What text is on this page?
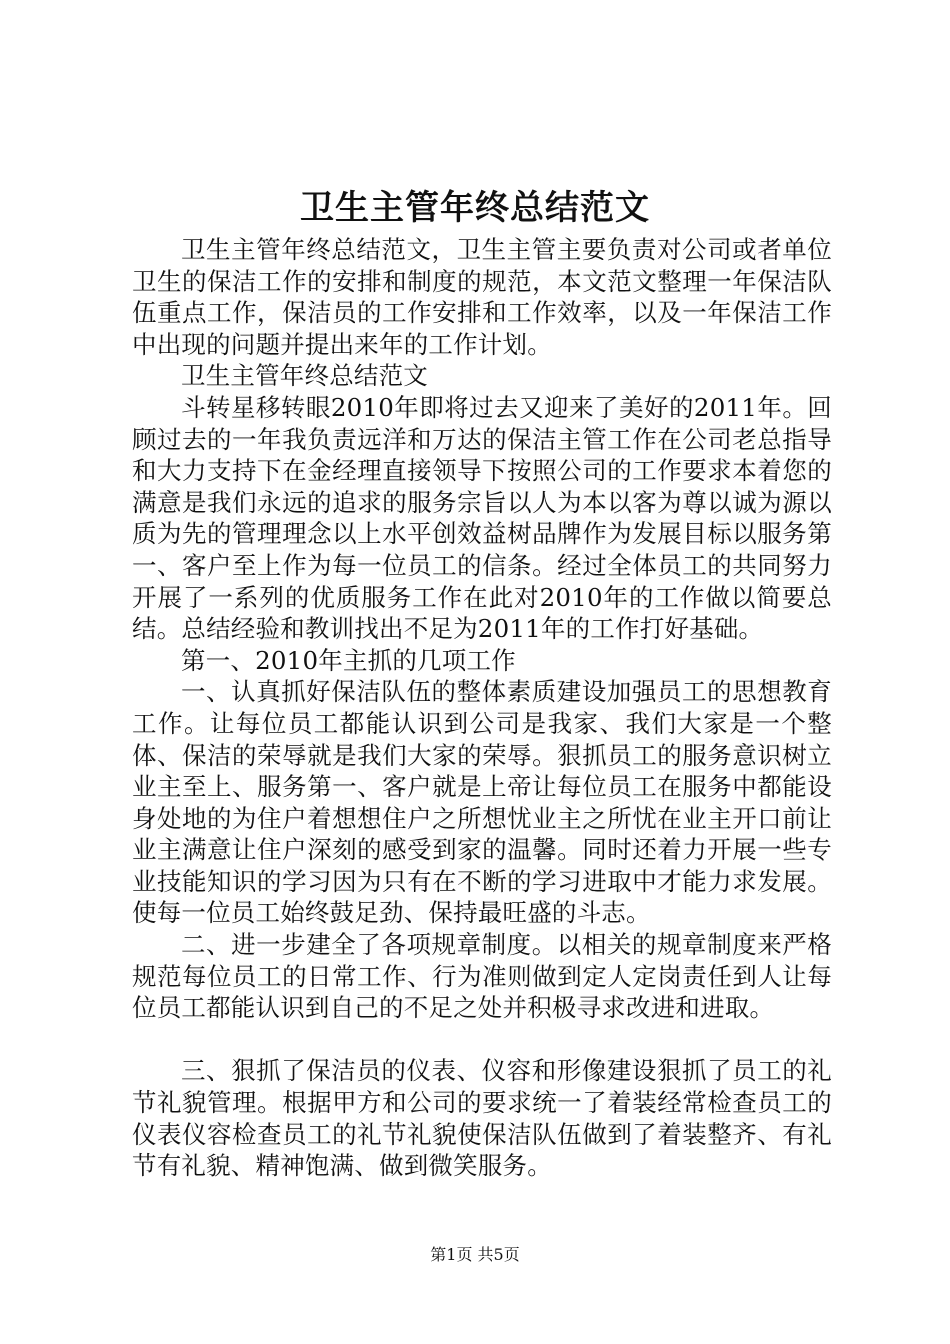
卫生主管年终总结范文

卫生主管年终总结范文，卫生主管主要负责对公司或者单位卫生的保洁工作的安排和制度的规范，本文范文整理一年保洁队伍重点工作，保洁员的工作安排和工作效率，以及一年保洁工作中出现的问题并提出来年的工作计划。

卫生主管年终总结范文

斗转星移转眼2010年即将过去又迎来了美好的2011年。回顾过去的一年我负责远洋和万达的保洁主管工作在公司老总指导和大力支持下在金经理直接领导下按照公司的工作要求本着您的满意是我们永远的追求的服务宗旨以人为本以客为尊以诚为源以质为先的管理理念以上水平创效益树品牌作为发展目标以服务第一、客户至上作为每一位员工的信条。经过全体员工的共同努力开展了一系列的优质服务工作在此对2010年的工作做以简要总结。总结经验和教训找出不足为2011年的工作打好基础。

第一、2010年主抓的几项工作

一、认真抓好保洁队伍的整体素质建设加强员工的思想教育工作。让每位员工都能认识到公司是我家、我们大家是一个整体、保洁的荣辱就是我们大家的荣辱。狠抓员工的服务意识树立业主至上、服务第一、客户就是上帝让每位员工在服务中都能设身处地的为住户着想想住户之所想忧业主之所忧在业主开口前让业主满意让住户深刻的感受到家的温馨。同时还着力开展一些专业技能知识的学习因为只有在不断的学习进取中才能力求发展。使每一位员工始终鼓足劲、保持最旺盛的斗志。

二、进一步建全了各项规章制度。以相关的规章制度来严格规范每位员工的日常工作、行为准则做到定人定岗责任到人让每位员工都能认识到自己的不足之处并积极寻求改进和进取。

三、狠抓了保洁员的仪表、仪容和形像建设狠抓了员工的礼节礼貌管理。根据甲方和公司的要求统一了着装经常检查员工的仪表仪容检查员工的礼节礼貌使保洁队伍做到了着装整齐、有礼节有礼貌、精神饱满、做到微笑服务。

第1页 共5页
